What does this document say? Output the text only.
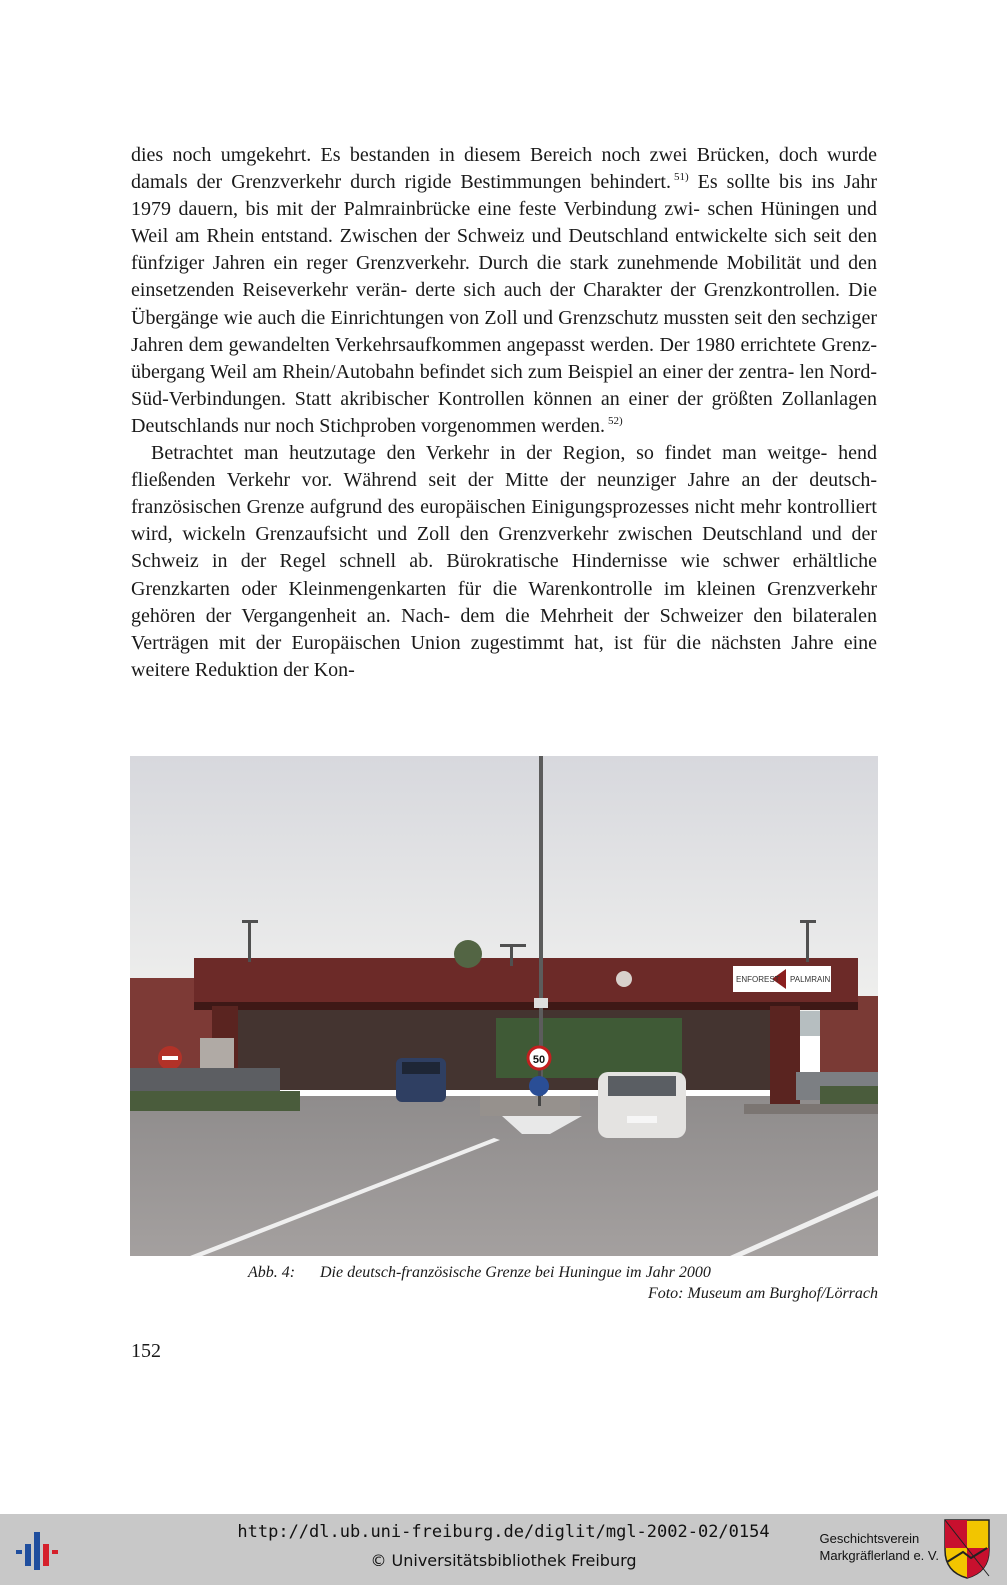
dies noch umgekehrt. Es bestanden in diesem Bereich noch zwei Brücken, doch wurde damals der Grenzverkehr durch rigide Bestimmungen behindert. $^{51)}$ Es sollte bis ins Jahr 1979 dauern, bis mit der Palmrainbrücke eine feste Verbindung zwi- schen Hüningen und Weil am Rhein entstand. Zwischen der Schweiz und Deutschland entwickelte sich seit den fünfziger Jahren ein reger Grenzverkehr. Durch die stark zunehmende Mobilität und den einsetzenden Reiseverkehr verän- derte sich auch der Charakter der Grenzkontrollen. Die Übergänge wie auch die Einrichtungen von Zoll und Grenzschutz mussten seit den sechziger Jahren dem gewandelten Verkehrsaufkommen angepasst werden. Der 1980 errichtete Grenz- übergang Weil am Rhein/Autobahn befindet sich zum Beispiel an einer der zentra- len Nord-Süd-Verbindungen. Statt akribischer Kontrollen können an einer der größten Zollanlagen Deutschlands nur noch Stichproben vorgenommen werden. $^{52)}$

Betrachtet man heutzutage den Verkehr in der Region, so findet man weitge- hend fließenden Verkehr vor. Während seit der Mitte der neunziger Jahre an der deutsch-französischen Grenze aufgrund des europäischen Einigungsprozesses nicht mehr kontrolliert wird, wickeln Grenzaufsicht und Zoll den Grenzverkehr zwischen Deutschland und der Schweiz in der Regel schnell ab. Bürokratische Hindernisse wie schwer erhältliche Grenzkarten oder Kleinmengenkarten für die Warenkontrolle im kleinen Grenzverkehr gehören der Vergangenheit an. Nach- dem die Mehrheit der Schweizer den bilateralen Verträgen mit der Europäischen Union zugestimmt hat, ist für die nächsten Jahre eine weitere Reduktion der Kon-

ENFOREST PALMRAIN
50
Abb. 4: Die deutsch-französische Grenze bei Huningue im Jahr 2000
Foto: Museum am Burghof/Lörrach
152
http://dl.ub.uni-freiburg.de/diglit/mgl-2002-02/0154
© Universitätsbibliothek Freiburg
Geschichtsverein
Markgräflerland e. V.
